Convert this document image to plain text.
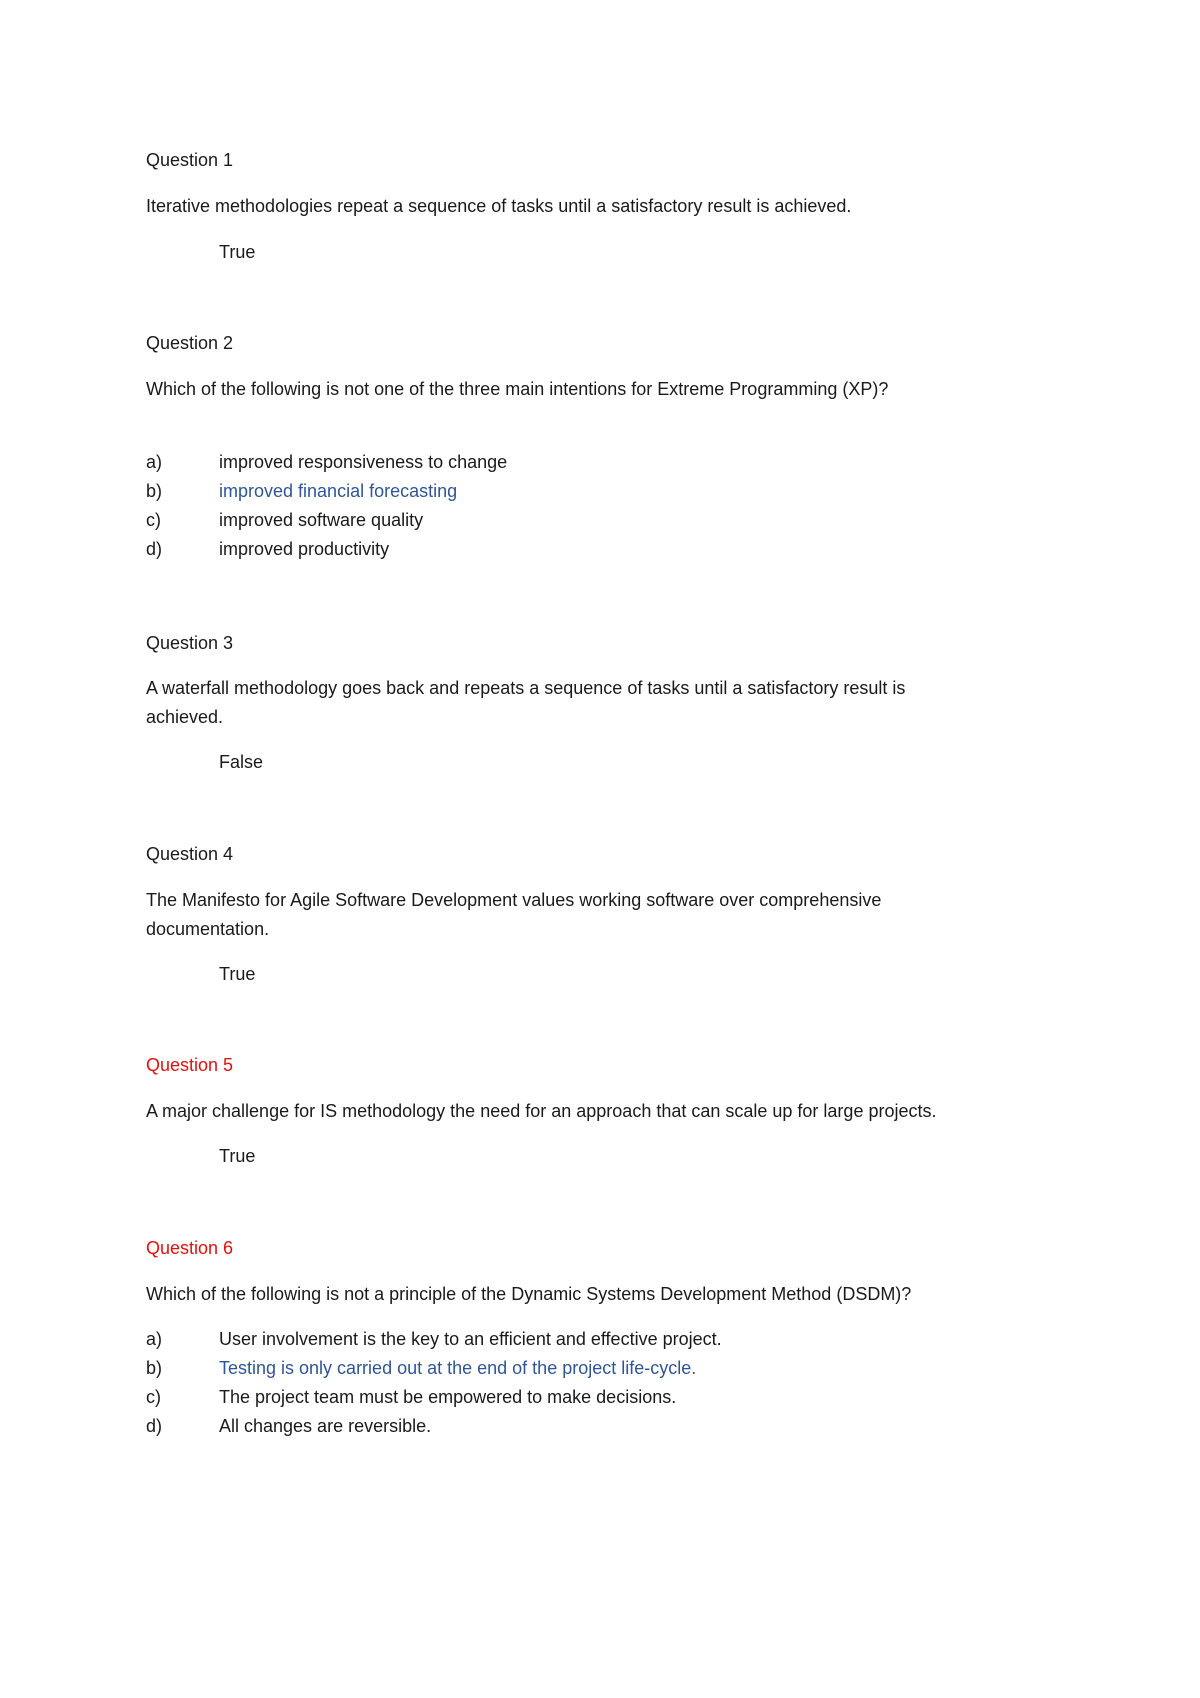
Question 1
Iterative methodologies repeat a sequence of tasks until a satisfactory result is achieved.
True
Question 2
Which of the following is not one of the three main intentions for Extreme Programming (XP)?
a)	improved responsiveness to change
b)	improved financial forecasting
c)	improved software quality
d)	improved productivity
Question 3
A waterfall methodology goes back and repeats a sequence of tasks until a satisfactory result is
achieved.
False
Question 4
The Manifesto for Agile Software Development values working software over comprehensive
documentation.
True
Question 5
A major challenge for IS methodology the need for an approach that can scale up for large projects.
True
Question 6
Which of the following is not a principle of the Dynamic Systems Development Method (DSDM)?
a)	User involvement is the key to an efficient and effective project.
b)	Testing is only carried out at the end of the project life-cycle.
c)	The project team must be empowered to make decisions.
d)	All changes are reversible.
